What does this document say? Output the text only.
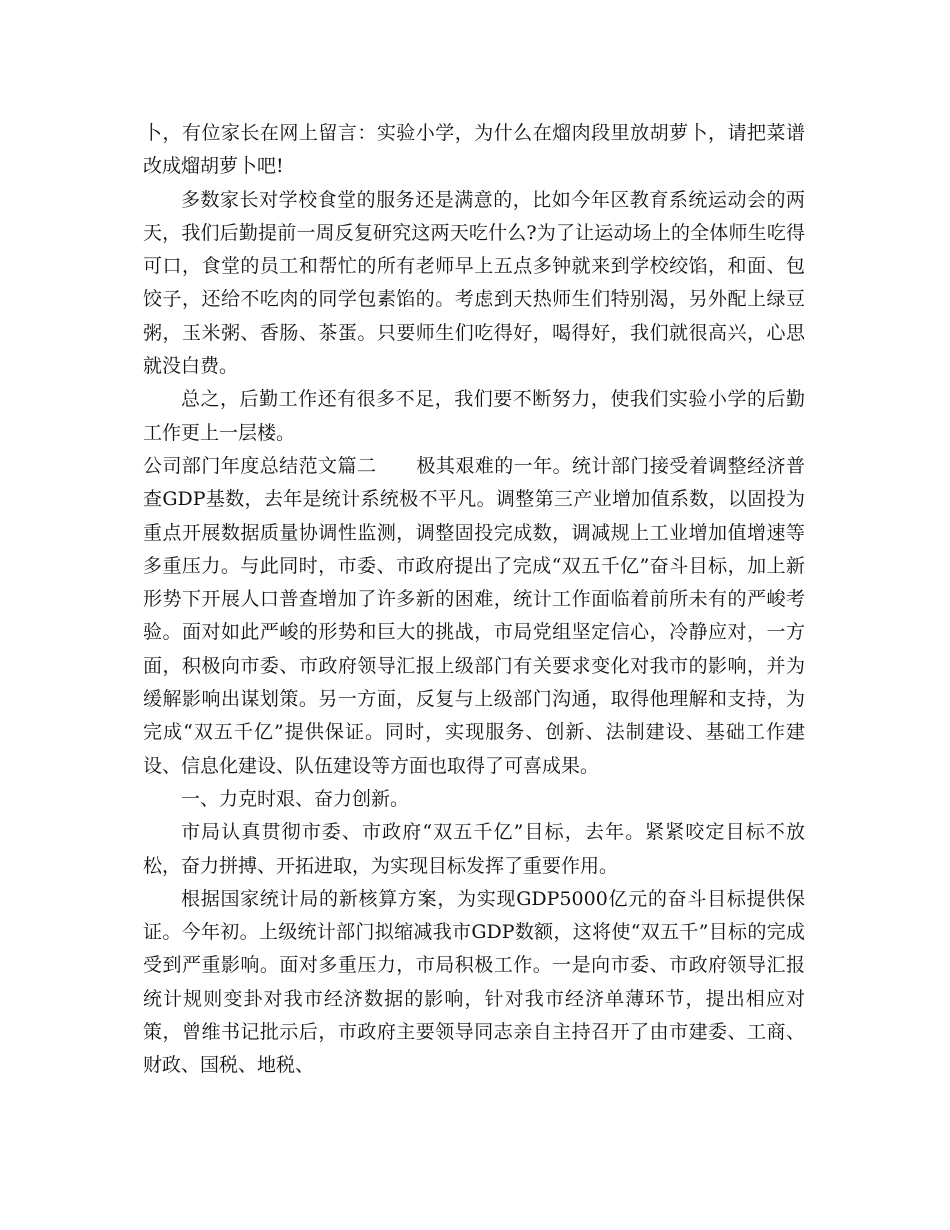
卜，有位家长在网上留言：实验小学，为什么在熘肉段里放胡萝卜，请把菜谱改成熘胡萝卜吧!

多数家长对学校食堂的服务还是满意的，比如今年区教育系统运动会的两天，我们后勤提前一周反复研究这两天吃什么?为了让运动场上的全体师生吃得可口，食堂的员工和帮忙的所有老师早上五点多钟就来到学校绞馅，和面、包饺子，还给不吃肉的同学包素馅的。考虑到天热师生们特别渴，另外配上绿豆粥，玉米粥、香肠、茶蛋。只要师生们吃得好，喝得好，我们就很高兴，心思就没白费。

总之，后勤工作还有很多不足，我们要不断努力，使我们实验小学的后勤工作更上一层楼。

公司部门年度总结范文篇二 极其艰难的一年。统计部门接受着调整经济普查GDP基数，去年是统计系统极不平凡。调整第三产业增加值系数，以固投为重点开展数据质量协调性监测，调整固投完成数，调减规上工业增加值增速等多重压力。与此同时，市委、市政府提出了完成“双五千亿”奋斗目标，加上新形势下开展人口普查增加了许多新的困难，统计工作面临着前所未有的严峻考验。面对如此严峻的形势和巨大的挑战，市局党组坚定信心，冷静应对，一方面，积极向市委、市政府领导汇报上级部门有关要求变化对我市的影响，并为缓解影响出谋划策。另一方面，反复与上级部门沟通，取得他理解和支持，为完成“双五千亿”提供保证。同时，实现服务、创新、法制建设、基础工作建设、信息化建设、队伍建设等方面也取得了可喜成果。

一、力克时艰、奋力创新。

市局认真贯彻市委、市政府“双五千亿”目标，去年。紧紧咬定目标不放松，奋力拼搏、开拓进取，为实现目标发挥了重要作用。

根据国家统计局的新核算方案，为实现GDP5000亿元的奋斗目标提供保证。今年初。上级统计部门拟缩减我市GDP数额，这将使“双五千”目标的完成受到严重影响。面对多重压力，市局积极工作。一是向市委、市政府领导汇报统计规则变卦对我市经济数据的影响，针对我市经济单薄环节，提出相应对策，曾维书记批示后，市政府主要领导同志亲自主持召开了由市建委、工商、财政、国税、地税、
